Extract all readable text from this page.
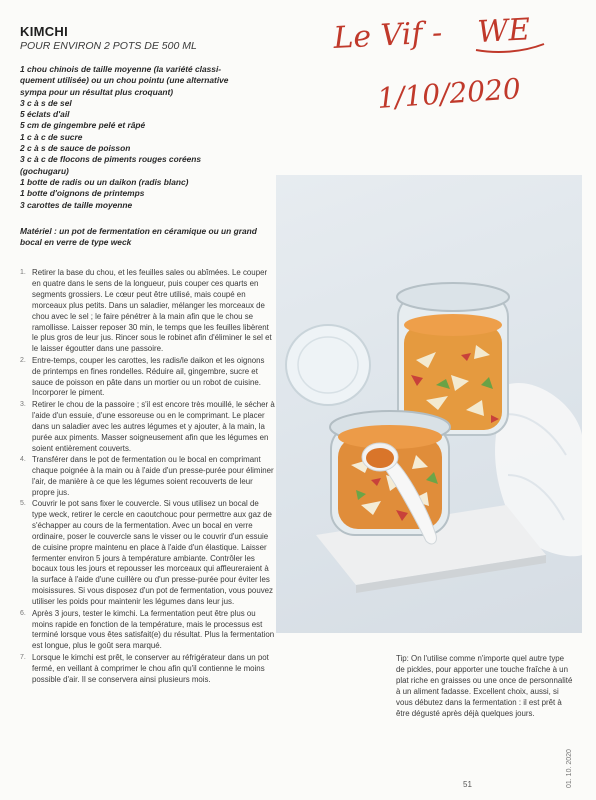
KIMCHI
POUR ENVIRON 2 POTS DE 500 ML
1 chou chinois de taille moyenne (la variété classi-
quement utilisée) ou un chou pointu (une alternative
sympa pour un résultat plus croquant)
3 c à s de sel
5 éclats d'ail
5 cm de gingembre pelé et râpé
1 c à c de sucre
2 c à s de sauce de poisson
3 c à c de flocons de piments rouges coréens
(gochugaru)
1 botte de radis ou un daikon (radis blanc)
1 botte d'oignons de printemps
3 carottes de taille moyenne
Matériel : un pot de fermentation en céramique ou un grand bocal en verre de type weck
1. Retirer la base du chou, et les feuilles sales ou abîmées. Le couper en quatre dans le sens de la longueur, puis couper ces quarts en segments grossiers. Le cœur peut être utilisé, mais coupé en morceaux plus petits. Dans un saladier, mélanger les morceaux de chou avec le sel ; le faire pénétrer à la main afin que le chou se ramollisse. Laisser reposer 30 min, le temps que les feuilles libèrent le plus gros de leur jus. Rincer sous le robinet afin d'éliminer le sel et le laisser égoutter dans une passoire.
2. Entre-temps, couper les carottes, les radis/le daikon et les oignons de printemps en fines rondelles. Réduire ail, gingembre, sucre et sauce de poisson en pâte dans un mortier ou un robot de cuisine. Incorporer le piment.
3. Retirer le chou de la passoire ; s'il est encore très mouillé, le sécher à l'aide d'un essuie, d'une essoreuse ou en le comprimant. Le placer dans un saladier avec les autres légumes et y ajouter, à la main, la purée aux piments. Masser soigneusement afin que les légumes en soient entièrement couverts.
4. Transférer dans le pot de fermentation ou le bocal en comprimant chaque poignée à la main ou à l'aide d'un presse-purée pour éliminer l'air, de manière à ce que les légumes soient recouverts de leur propre jus.
5. Couvrir le pot sans fixer le couvercle. Si vous utilisez un bocal de type weck, retirer le cercle en caoutchouc pour permettre aux gaz de s'échapper au cours de la fermentation. Avec un bocal en verre ordinaire, poser le couvercle sans le visser ou le couvrir d'un essuie de cuisine propre maintenu en place à l'aide d'un élastique. Laisser fermenter environ 5 jours à température ambiante. Contrôler les bocaux tous les jours et repousser les morceaux qui affleureraient à la surface à l'aide d'une cuillère ou d'un presse-purée pour éviter les moisissures. Si vous disposez d'un pot de fermentation, vous pouvez utiliser les poids pour maintenir les légumes dans leur jus.
6. Après 3 jours, tester le kimchi. La fermentation peut être plus ou moins rapide en fonction de la température, mais le processus est terminé lorsque vous êtes satisfait(e) du résultat. Plus la fermentation est longue, plus le goût sera marqué.
7. Lorsque le kimchi est prêt, le conserver au réfrigérateur dans un pot fermé, en veillant à comprimer le chou afin qu'il contienne le moins possible d'air. Il se conservera ainsi plusieurs mois.
Tip: On l'utilise comme n'importe quel autre type de pickles, pour apporter une touche fraîche à un plat riche en graisses ou une once de personnalité à un aliment fadasse. Excellent choix, aussi, si vous débutez dans la fermentation : il est prêt à être dégusté après déjà quelques jours.
51	01. 10. 2020
Le Vif - WE
1/10/2020
